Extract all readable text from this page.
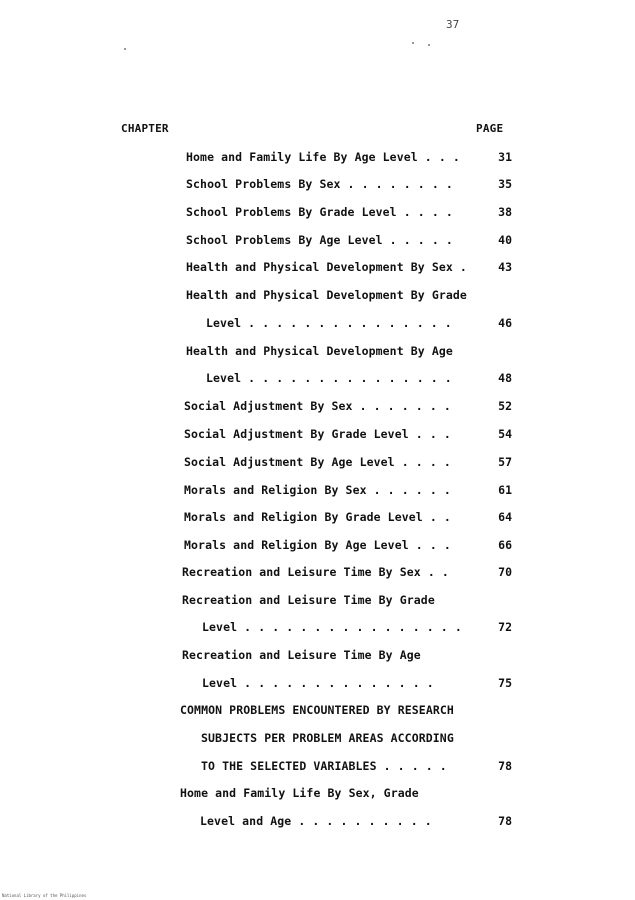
37
CHAPTER	PAGE
Home and Family Life By Age Level . . .	31
School Problems By Sex . . . . . . . .	35
School Problems By Grade Level . . . .	38
School Problems By Age Level . . . . .	40
Health and Physical Development By Sex .	43
Health and Physical Development By Grade
Level . . . . . . . . . . . . . . .	46
Health and Physical Development By Age
Level . . . . . . . . . . . . . . .	48
Social Adjustment By Sex . . . . . . .	52
Social Adjustment By Grade Level . . .	54
Social Adjustment By Age Level . . . .	57
Morals and Religion By Sex . . . . . .	61
Morals and Religion By Grade Level . .	64
Morals and Religion By Age Level . . .	66
Recreation and Leisure Time By Sex . .	70
Recreation and Leisure Time By Grade
Level . . . . . . . . . . . . . . . .	72
Recreation and Leisure Time By Age
Level . . . . . . . . . . . . . .	75
COMMON PROBLEMS ENCOUNTERED BY RESEARCH
SUBJECTS PER PROBLEM AREAS ACCORDING
TO THE SELECTED VARIABLES . . . . .	78
Home and Family Life By Sex, Grade
Level and Age . . . . . . . . . .	78
National Library of the Philippines
